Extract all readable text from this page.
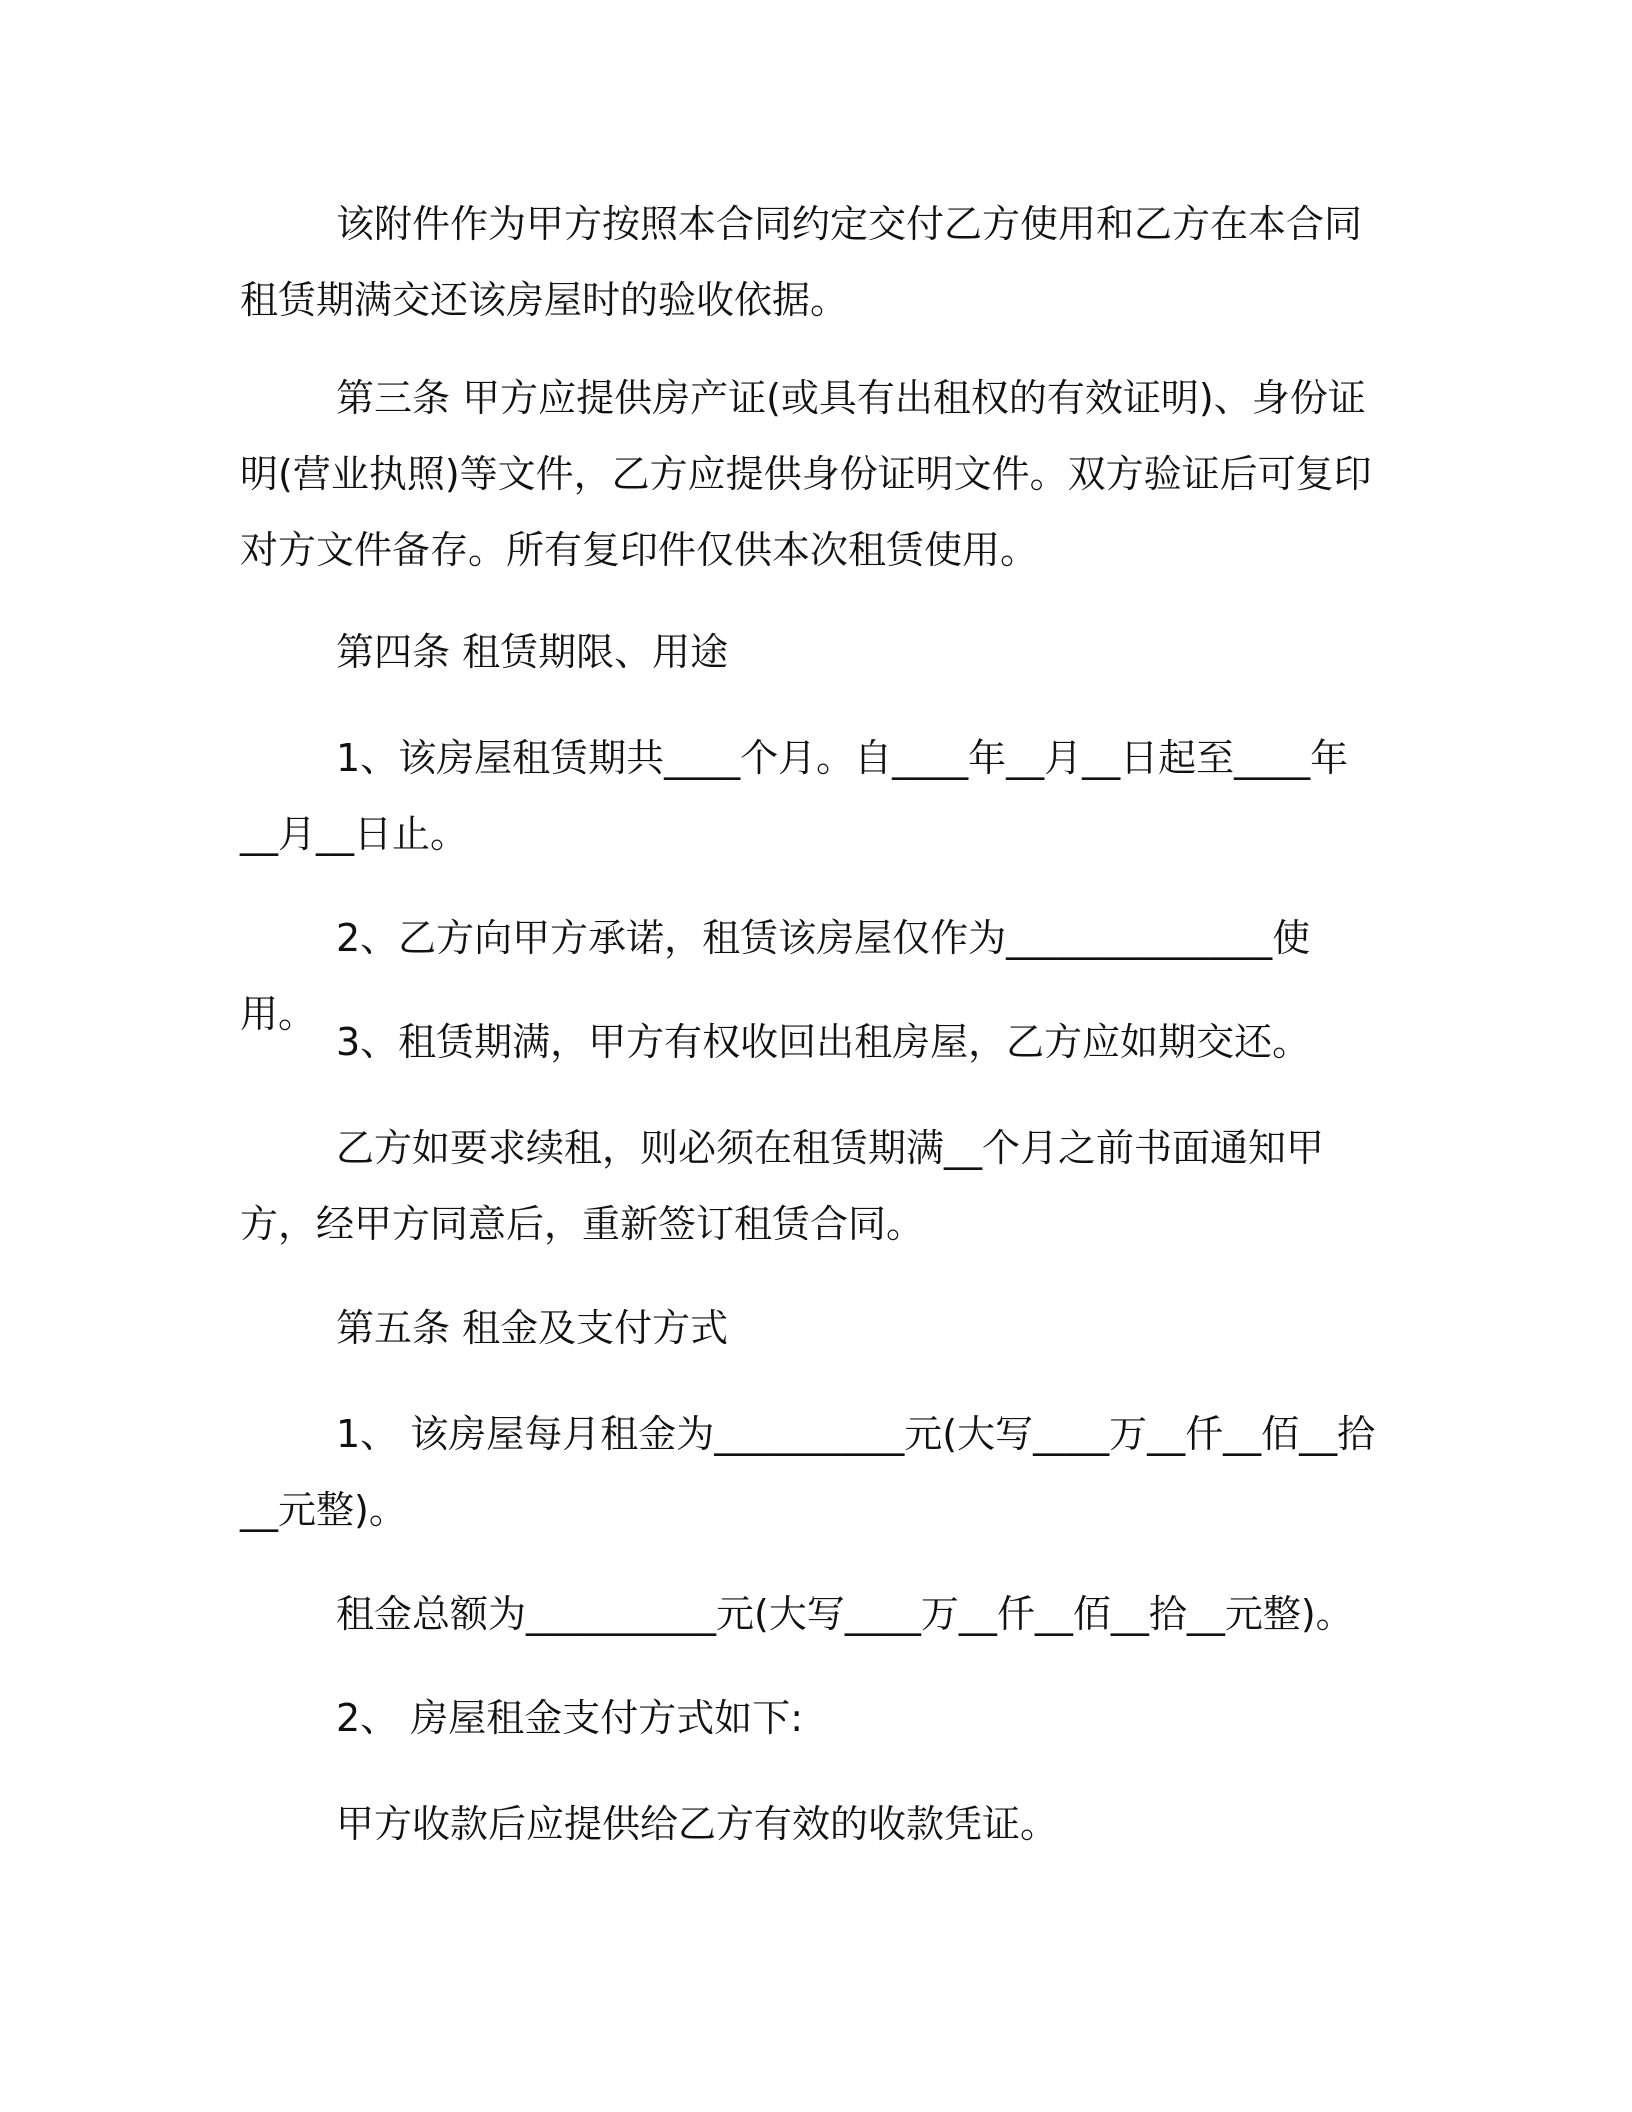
该附件作为甲方按照本合同约定交付乙方使用和乙方在本合同租赁期满交还该房屋时的验收依据。

第三条 甲方应提供房产证(或具有出租权的有效证明)、身份证明(营业执照)等文件，乙方应提供身份证明文件。双方验证后可复印对方文件备存。所有复印件仅供本次租赁使用。

第四条 租赁期限、用途

1、该房屋租赁期共____个月。自____年__月__日起至____年__月__日止。

2、乙方向甲方承诺，租赁该房屋仅作为______________使用。

3、租赁期满，甲方有权收回出租房屋，乙方应如期交还。

乙方如要求续租，则必须在租赁期满__个月之前书面通知甲方，经甲方同意后，重新签订租赁合同。

第五条 租金及支付方式

1、 该房屋每月租金为__________元(大写____万__仟__佰__拾__元整)。

租金总额为__________元(大写____万__仟__佰__拾__元整)。

2、 房屋租金支付方式如下:

甲方收款后应提供给乙方有效的收款凭证。
